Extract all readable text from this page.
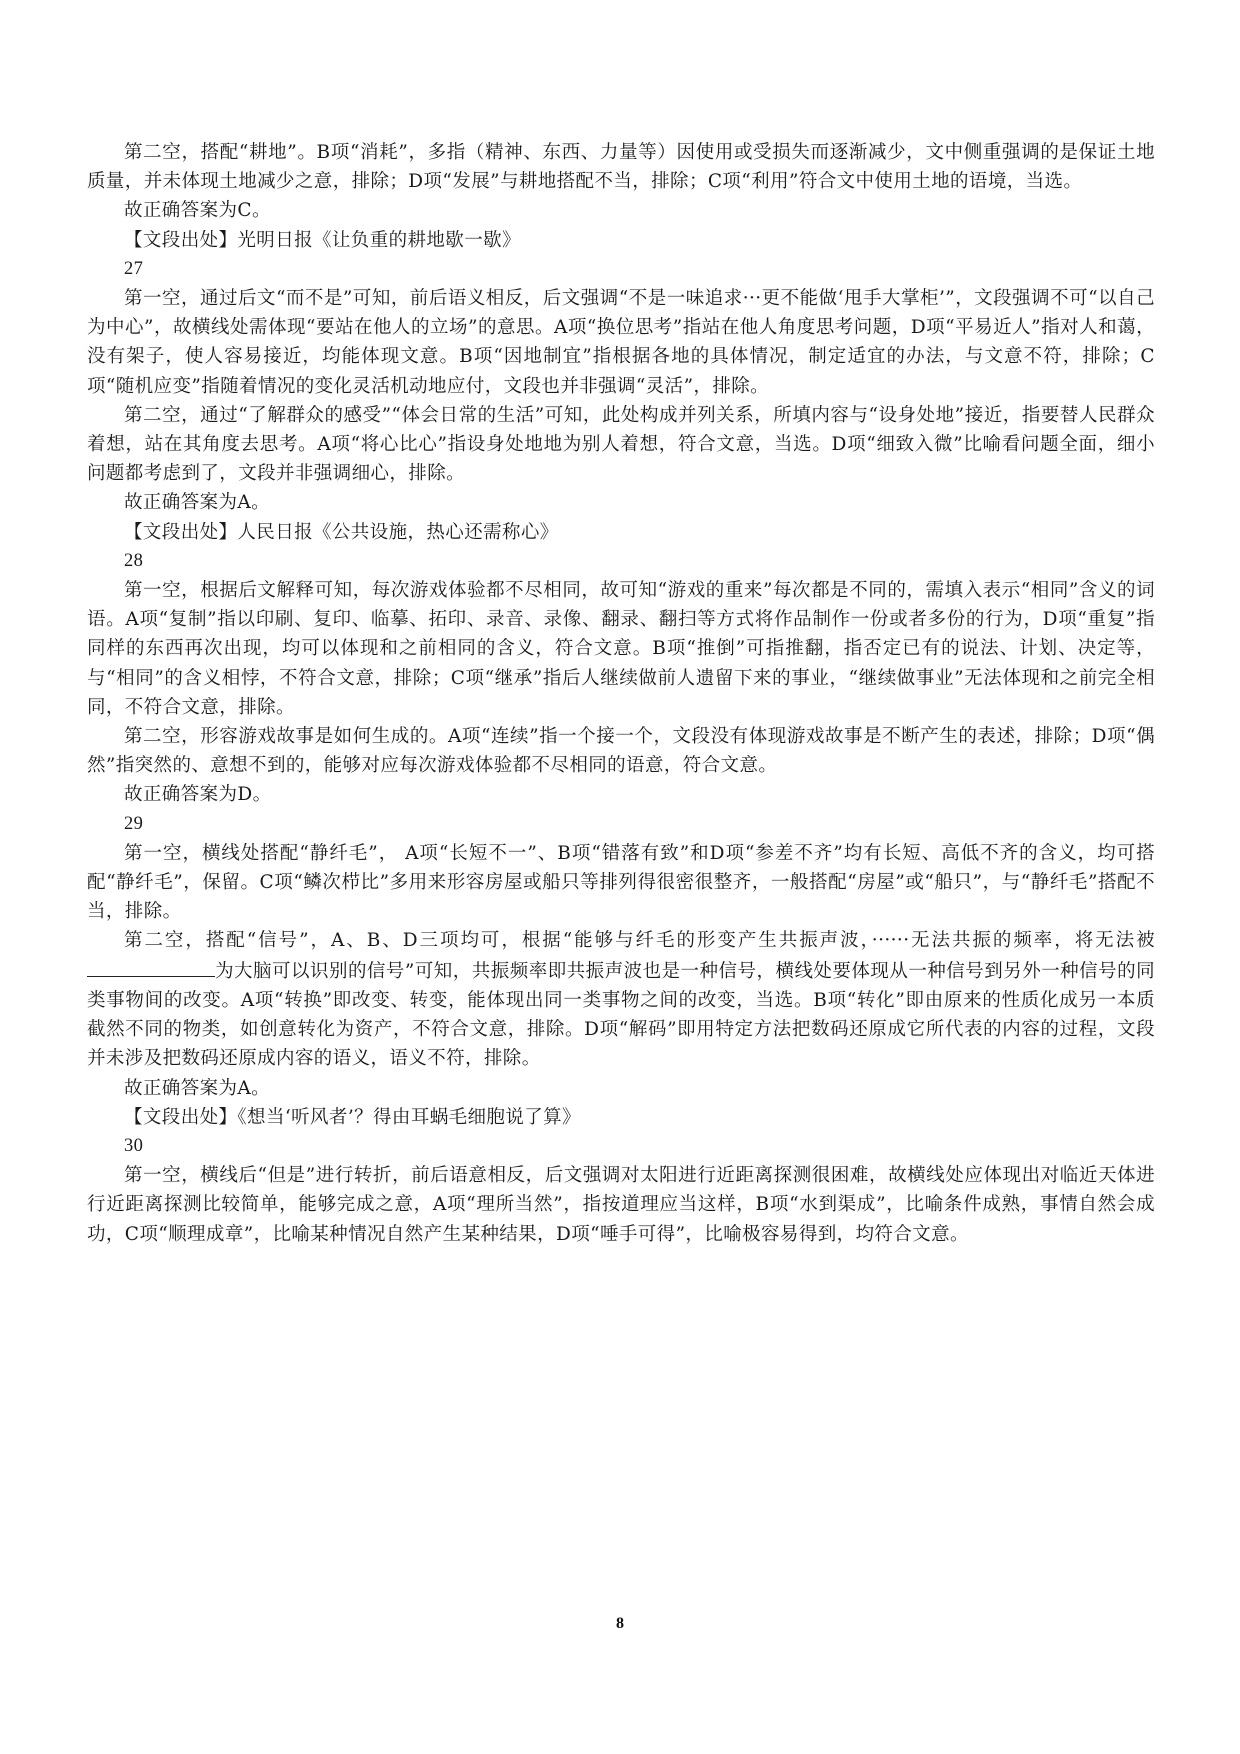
第二空，搭配“耕地”。B项“消耗”，多指（精神、东西、力量等）因使用或受损失而逐渐减少，文中侧重强调的是保证土地质量，并未体现土地减少之意，排除；D项“发展”与耕地搭配不当，排除；C项“利用”符合文中使用土地的语境，当选。

故正确答案为C。

【文段出处】光明日报《让负重的耕地歇一歇》

27

第一空，通过后文“而不是”可知，前后语义相反，后文强调“不是一味追求···更不能做‘甩手大掌柜’”，文段强调不可“以自己为中心”，故横线处需体现“要站在他人的立场”的意思。A项“换位思考”指站在他人角度思考问题，D项“平易近人”指对人和蔼，没有架子，使人容易接近，均能体现文意。B项“因地制宜”指根据各地的具体情况，制定适宜的办法，与文意不符，排除；C项“随机应变”指随着情况的变化灵活机动地应付，文段也并非强调“灵活”，排除。

第二空，通过“了解群众的感受”“体会日常的生活”可知，此处构成并列关系，所填内容与“设身处地”接近，指要替人民群众着想，站在其角度去思考。A项“将心比心”指设身处地地为别人着想，符合文意，当选。D项“细致入微”比喻看问题全面，细小问题都考虑到了，文段并非强调细心，排除。

故正确答案为A。

【文段出处】人民日报《公共设施，热心还需称心》

28

第一空，根据后文解释可知，每次游戏体验都不尽相同，故可知“游戏的重来”每次都是不同的，需填入表示“相同”含义的词语。A项“复制”指以印刷、复印、临摹、拓印、录音、录像、翻录、翻扫等方式将作品制作一份或者多份的行为，D项“重复”指同样的东西再次出现，均可以体现和之前相同的含义，符合文意。B项“推倒”可指推翻，指否定已有的说法、计划、决定等，与“相同”的含义相悖，不符合文意，排除；C项“继承”指后人继续做前人遗留下来的事业，“继续做事业”无法体现和之前完全相同，不符合文意，排除。

第二空，形容游戏故事是如何生成的。A项“连续”指一个接一个，文段没有体现游戏故事是不断产生的表述，排除；D项“偶然”指突然的、意想不到的，能够对应每次游戏体验都不尽相同的语意，符合文意。

故正确答案为D。

29

第一空，横线处搭配“静纤毛”， A项“长短不一”、B项“错落有致”和D项“参差不齐”均有长短、高低不齐的含义，均可搭配“静纤毛”，保留。C项“鳞次栉比”多用来形容房屋或船只等排列得很密很整齐，一般搭配“房屋”或“船只”，与“静纤毛”搭配不当，排除。

第二空，搭配“信号”，A、B、D三项均可，根据“能够与纤毛的形变产生共振声波，······无法共振的频率，将无法被为大脑可以识别的信号”可知，共振频率即共振声波也是一种信号，横线处要体现从一种信号到另外一种信号的同类事物间的改变。A项“转换”即改变、转变，能体现出同一类事物之间的改变，当选。B项“转化”即由原来的性质化成另一本质截然不同的物类，如创意转化为资产，不符合文意，排除。D项“解码”即用特定方法把数码还原成它所代表的内容的过程，文段并未涉及把数码还原成内容的语义，语义不符，排除。

故正确答案为A。

【文段出处】《想当‘听风者’？得由耳蜗毛细胞说了算》

30

第一空，横线后“但是”进行转折，前后语意相反，后文强调对太阳进行近距离探测很困难，故横线处应体现出对临近天体进行近距离探测比较简单，能够完成之意，A项“理所当然”，指按道理应当这样，B项“水到渠成”，比喻条件成熟，事情自然会成功，C项“顺理成章”，比喻某种情况自然产生某种结果，D项“唾手可得”，比喻极容易得到，均符合文意。

8
